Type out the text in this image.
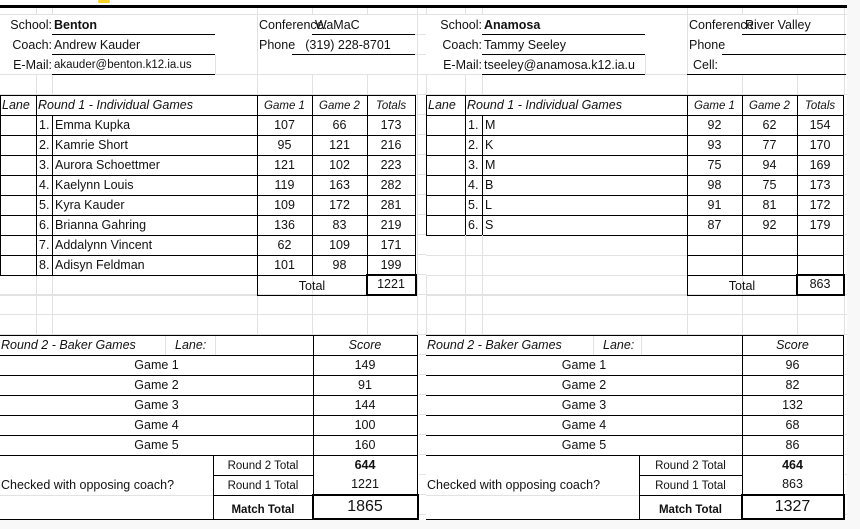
School: Benton	Conference:
WaMaC
Coach: Andrew Kauder	Phone (319) 228-8701
E-Mail: akauder@benton.k12.ia.us
Lane Round 1 - Individual Games	Game 1	Game 2	Totals
1. Emma Kupka	107	66	173
2. Kamrie Short	95	121	216
3. Aurora Schoettmer	121	102	223
4. Kaelynn Louis	119	163	282
5. Kyra Kauder	109	172	281
6. Brianna Gahring	136	83	219
7. Addalynn Vincent	62	109	171
8. Adisyn Feldman	101	98	199
Total	1221
Round 2 - Baker Games	Lane:	Score
Game 1	149
Game 2	91
Game 3	144
Game 4	100
Game 5	160
Round 2 Total	644
Checked with opposing coach?	Round 1 Total	1221
Match Total	1865
School: Anamosa	Conference:
River Valley
Coach: Tammy Seeley	Phone
E-Mail: tseeley@anamosa.k12.ia.u	Cell:
Lane Round 1 - Individual Games	Game 1	Game 2	Totals
1. M	92	62	154
2. K	93	77	170
3. M	75	94	169
4. B	98	75	173
5. L	91	81	172
6. S	87	92	179
Total	863
Round 2 - Baker Games	Lane:	Score
Game 1	96
Game 2	82
Game 3	132
Game 4	68
Game 5	86
Round 2 Total	464
Checked with opposing coach?	Round 1 Total	863
Match Total	1327
